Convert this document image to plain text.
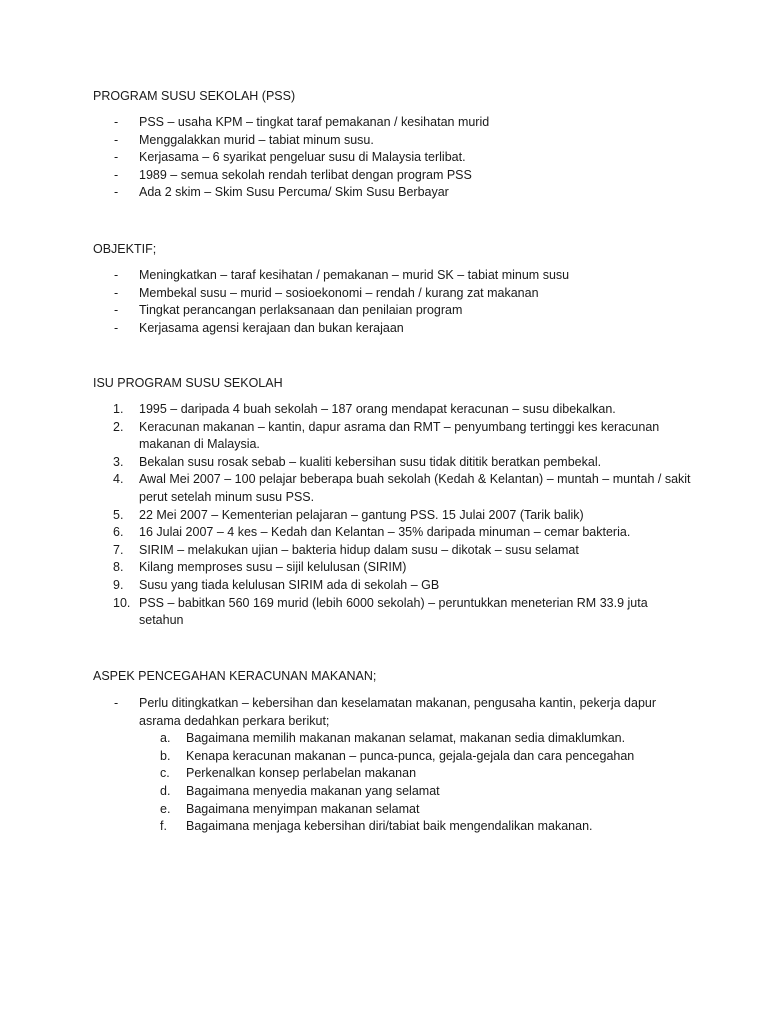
PROGRAM SUSU SEKOLAH (PSS)
-	PSS – usaha KPM – tingkat taraf pemakanan / kesihatan murid
-	Menggalakkan murid – tabiat minum susu.
-	Kerjasama – 6 syarikat pengeluar susu di Malaysia terlibat.
-	1989 – semua sekolah rendah terlibat dengan program PSS
-	Ada 2 skim – Skim Susu Percuma/ Skim Susu Berbayar
OBJEKTIF;
-	Meningkatkan – taraf kesihatan / pemakanan – murid SK – tabiat minum susu
-	Membekal susu – murid – sosioekonomi – rendah / kurang zat makanan
-	Tingkat perancangan perlaksanaan dan penilaian program
-	Kerjasama agensi kerajaan dan bukan kerajaan
ISU PROGRAM SUSU SEKOLAH
1.	1995 – daripada 4 buah sekolah – 187 orang mendapat keracunan – susu dibekalkan.
2.	Keracunan makanan – kantin, dapur asrama dan RMT – penyumbang tertinggi kes keracunan makanan di Malaysia.
3.	Bekalan susu rosak sebab – kualiti kebersihan susu tidak dititik beratkan pembekal.
4.	Awal Mei 2007 – 100 pelajar beberapa buah sekolah (Kedah & Kelantan) – muntah – muntah / sakit perut setelah minum susu PSS.
5.	22 Mei 2007 – Kementerian pelajaran – gantung PSS. 15 Julai 2007 (Tarik balik)
6.	16 Julai 2007 – 4 kes – Kedah dan Kelantan – 35% daripada minuman – cemar bakteria.
7.	SIRIM – melakukan ujian – bakteria hidup dalam susu – dikotak – susu selamat
8.	Kilang memproses susu – sijil kelulusan (SIRIM)
9.	Susu yang tiada kelulusan SIRIM ada di sekolah – GB
10. PSS – babitkan 560 169 murid (lebih 6000 sekolah) – peruntukkan meneterian RM 33.9 juta setahun
ASPEK PENCEGAHAN KERACUNAN MAKANAN;
-	Perlu ditingkatkan – kebersihan dan keselamatan makanan, pengusaha kantin, pekerja dapur asrama dedahkan perkara berikut;
a.	Bagaimana memilih makanan makanan selamat, makanan sedia dimaklumkan.
b.	Kenapa keracunan makanan – punca-punca, gejala-gejala dan cara pencegahan
c.	Perkenalkan konsep perlabelan makanan
d.	Bagaimana menyedia makanan yang selamat
e.	Bagaimana menyimpan makanan selamat
f.	Bagaimana menjaga kebersihan diri/tabiat baik mengendalikan makanan.
